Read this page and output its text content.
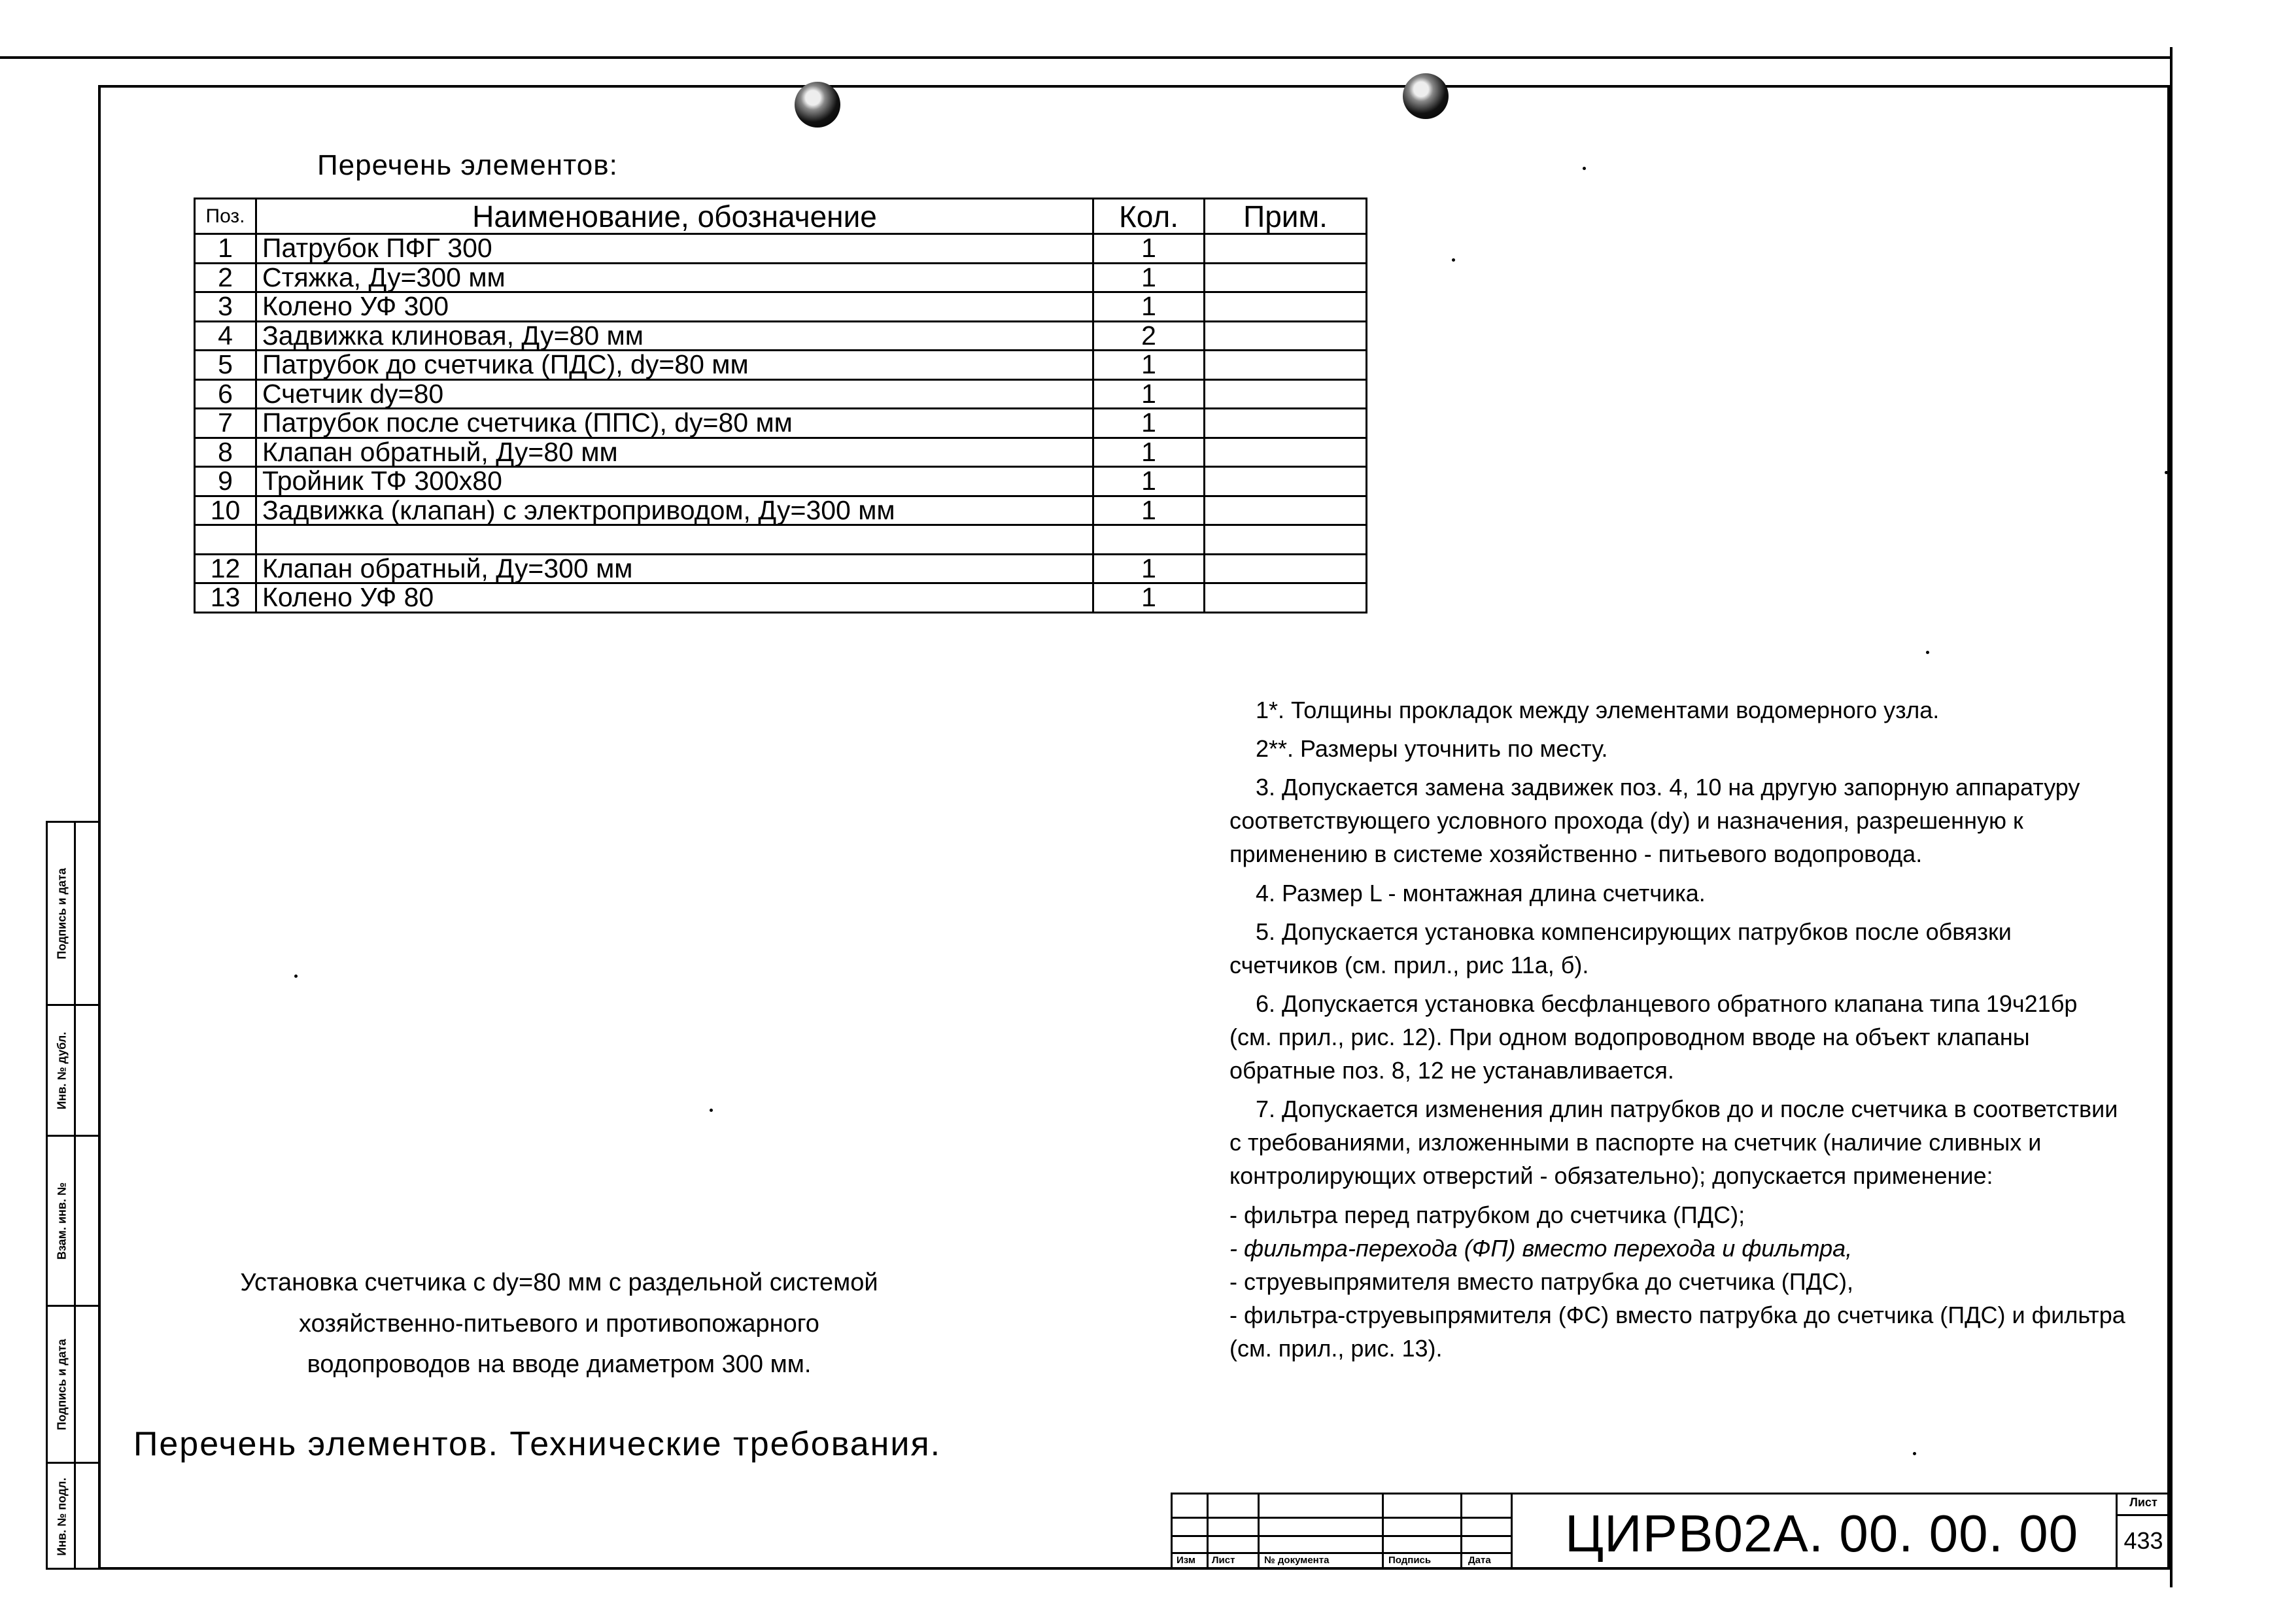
Перечень элементов:
Поз.	Наименование, обозначение	Кол.	Прим.
1	Патрубок ПФГ 300	1	
2	Стяжка, Ду=300 мм	1	
3	Колено УФ 300	1	
4	Задвижка клиновая, Ду=80 мм	2	
5	Патрубок до счетчика (ПДС), dy=80 мм	1	
6	Счетчик dy=80	1	
7	Патрубок после счетчика (ППС), dy=80 мм	1	
8	Клапан обратный, Ду=80 мм	1	
9	Тройник ТФ 300х80	1	
10	Задвижка (клапан) с электроприводом, Ду=300 мм	1	

12	Клапан обратный, Ду=300 мм	1	
13	Колено УФ 80	1	

1*. Толщины прокладок между элементами водомерного узла.

2**. Размеры уточнить по месту.

3. Допускается замена задвижек поз. 4, 10 на другую запорную аппаратуру соответствующего условного прохода (dy) и назначения, разрешенную к применению в системе хозяйственно - питьевого водопровода.

4. Размер L - монтажная длина счетчика.

5. Допускается установка компенсирующих патрубков после обвязки счетчиков (см. прил., рис 11а, б).

6. Допускается установка бесфланцевого обратного клапана типа 19ч21бр (см. прил., рис. 12). При одном водопроводном вводе на объект клапаны обратные поз. 8, 12 не устанавливается.

7. Допускается изменения длин патрубков до и после счетчика в соответствии с требованиями, изложенными в паспорте на счетчик (наличие сливных и контролирующих отверстий - обязательно); допускается применение:

- фильтра перед патрубком до счетчика (ПДС);

- фильтра-перехода (ФП) вместо перехода и фильтра,

- струевыпрямителя вместо патрубка до счетчика (ПДС),

- фильтра-струевыпрямителя (ФС) вместо патрубка до счетчика (ПДС) и фильтра (см. прил., рис. 13).

Установка счетчика с dy=80 мм с раздельной системой
хозяйственно-питьевого и противопожарного
водопроводов на вводе диаметром 300 мм.
Перечень элементов. Технические требования.
Подпись и дата
Инв. № дубл.
Взам. инв. №
Подпись и дата
Инв. № подл.
Изм Лист	№ документа	Подпись	Дата ЦИРВ02А. 00. 00. 00
Лист
433
